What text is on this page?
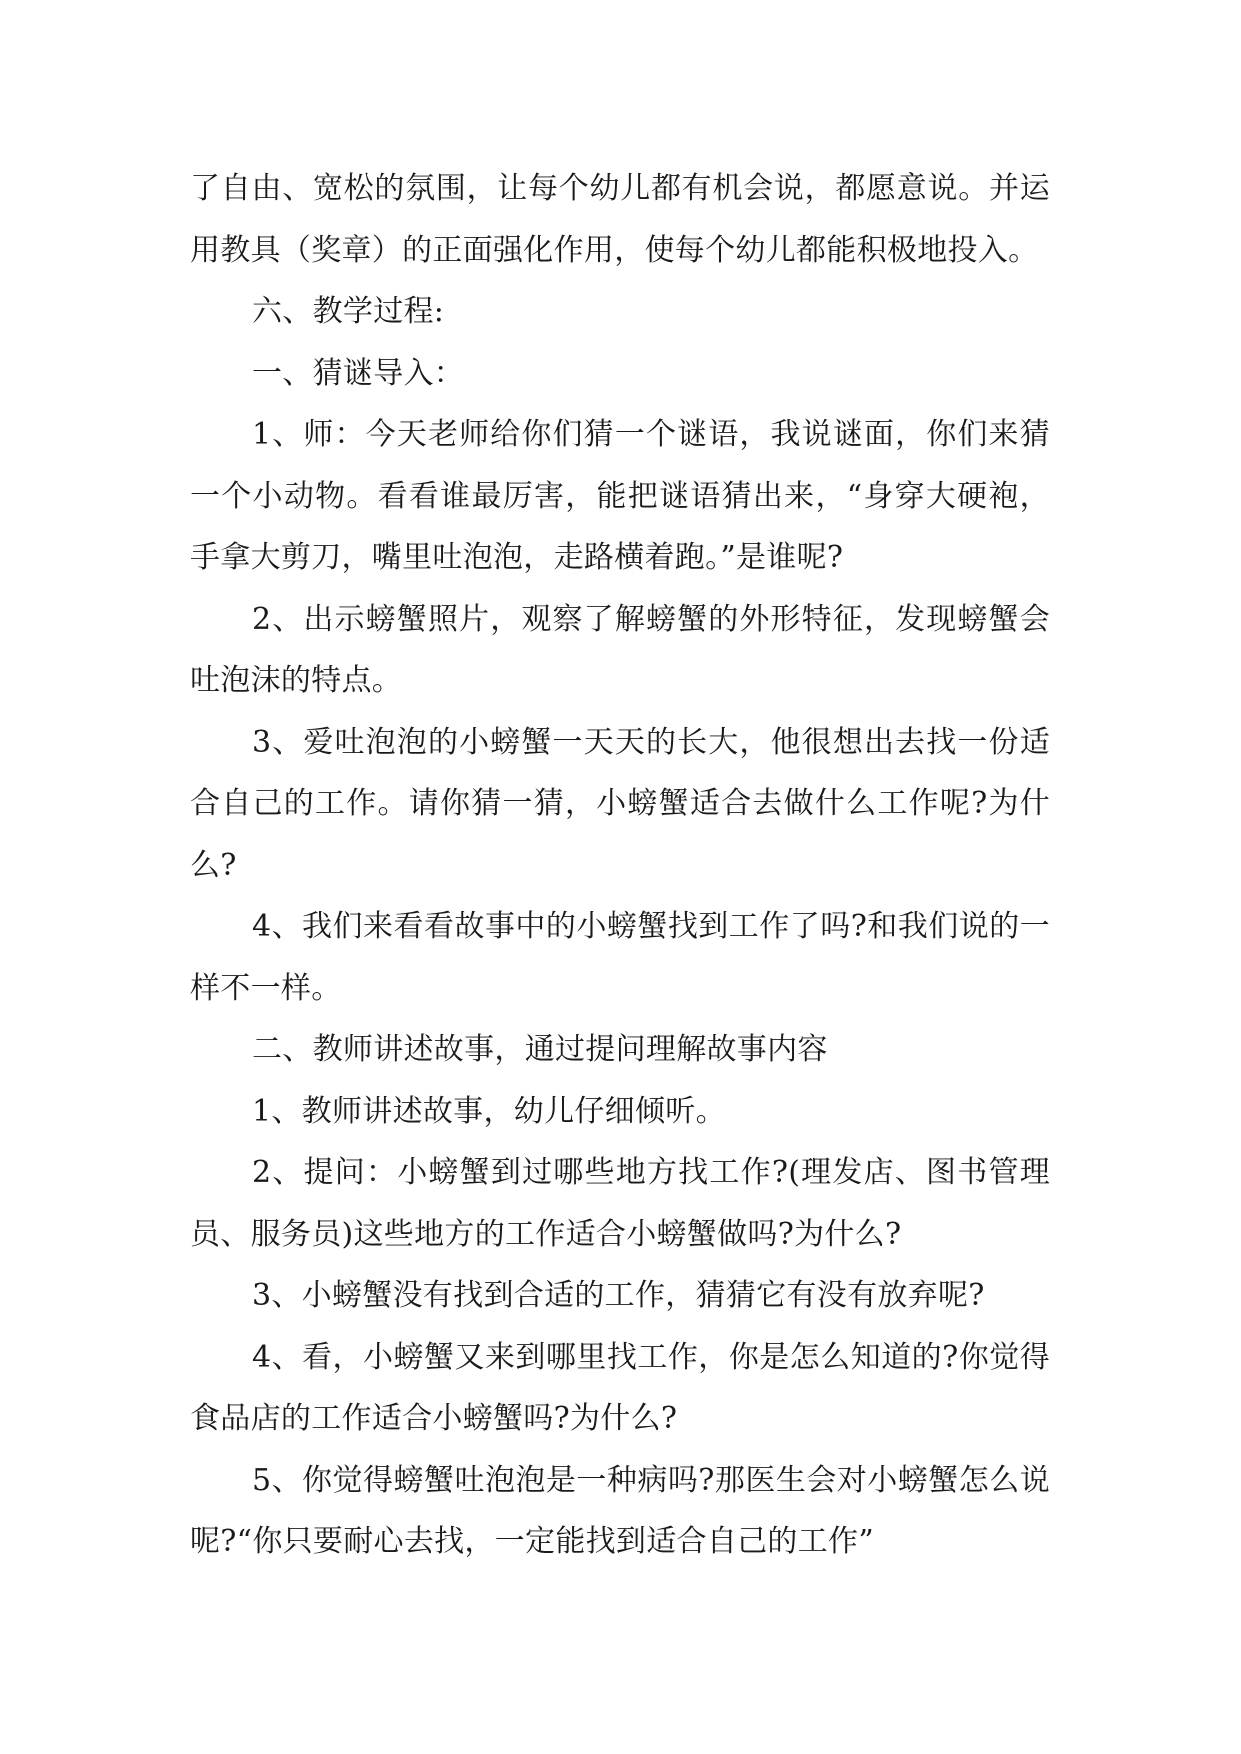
了自由、宽松的氛围，让每个幼儿都有机会说，都愿意说。并运用教具（奖章）的正面强化作用，使每个幼儿都能积极地投入。

六、教学过程:

一、猜谜导入：

1、师：今天老师给你们猜一个谜语，我说谜面，你们来猜一个小动物。看看谁最厉害，能把谜语猜出来，“身穿大硬袍，手拿大剪刀，嘴里吐泡泡，走路横着跑。”是谁呢?

2、出示螃蟹照片，观察了解螃蟹的外形特征，发现螃蟹会吐泡沫的特点。

3、爱吐泡泡的小螃蟹一天天的长大，他很想出去找一份适合自己的工作。请你猜一猜，小螃蟹适合去做什么工作呢?为什么?

4、我们来看看故事中的小螃蟹找到工作了吗?和我们说的一样不一样。

二、教师讲述故事，通过提问理解故事内容

1、教师讲述故事，幼儿仔细倾听。

2、提问：小螃蟹到过哪些地方找工作?(理发店、图书管理员、服务员)这些地方的工作适合小螃蟹做吗?为什么?

3、小螃蟹没有找到合适的工作，猜猜它有没有放弃呢?

4、看，小螃蟹又来到哪里找工作，你是怎么知道的?你觉得食品店的工作适合小螃蟹吗?为什么?

5、你觉得螃蟹吐泡泡是一种病吗?那医生会对小螃蟹怎么说呢?“你只要耐心去找，一定能找到适合自己的工作”
